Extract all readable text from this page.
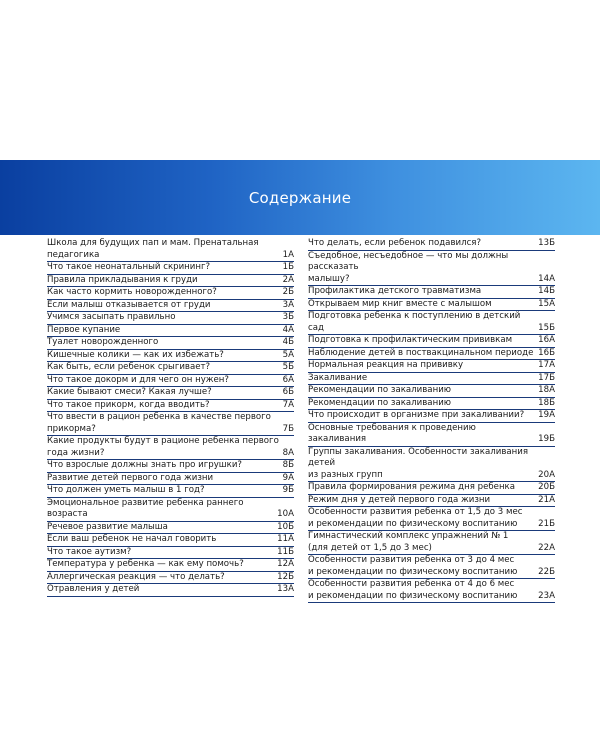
Содержание
Школа для будущих пап и мам. Пренатальная педагогика	1А
Что такое неонатальный скрининг?	1Б
Правила прикладывания к груди	2А
Как часто кормить новорожденного?	2Б
Если малыш отказывается от груди	3А
Учимся засыпать правильно	3Б
Первое купание	4А
Туалет новорожденного	4Б
Кишечные колики — как их избежать?	5А
Как быть, если ребенок срыгивает?	5Б
Что такое докорм и для чего он нужен?	6А
Какие бывают смеси? Какая лучше?	6Б
Что такое прикорм, когда вводить?	7А
Что ввести в рацион ребенка в качестве первого прикорма?	7Б
Какие продукты будут в рационе ребенка первого
года жизни?	8А
Что взрослые должны знать про игрушки?	8Б
Развитие детей первого года жизни	9А
Что должен уметь малыш в 1 год?	9Б
Эмоциональное развитие ребенка раннего возраста	10А
Речевое развитие малыша	10Б
Если ваш ребенок не начал говорить	11А
Что такое аутизм?	11Б
Температура у ребенка — как ему помочь?	12А
Аллергическая реакция — что делать?	12Б
Отравления у детей	13А
Что делать, если ребенок подавился?	13Б
Съедобное, несъедобное — что мы должны рассказать
малышу?	14А
Профилактика детского травматизма	14Б
Открываем мир книг вместе с малышом	15А
Подготовка ребенка к поступлению в детский сад	15Б
Подготовка к профилактическим прививкам	16А
Наблюдение детей в поствакцинальном периоде 16Б
Нормальная реакция на прививку	17А
Закаливание	17Б
Рекомендации по закаливанию	18А
Рекомендации по закаливанию	18Б
Что происходит в организме при закаливании?	19А
Основные требования к проведению закаливания	19Б
Группы закаливания. Особенности закаливания детей
из разных групп	20А
Правила формирования режима дня ребенка	20Б
Режим дня у детей первого года жизни	21А
Особенности развития ребенка от 1,5 до 3 мес
и рекомендации по физическому воспитанию	21Б
Гимнастический комплекс упражнений № 1
(для детей от 1,5 до 3 мес)	22А
Особенности развития ребенка от 3 до 4 мес
и рекомендации по физическому воспитанию	22Б
Особенности развития ребенка от 4 до 6 мес
и рекомендации по физическому воспитанию	23А
